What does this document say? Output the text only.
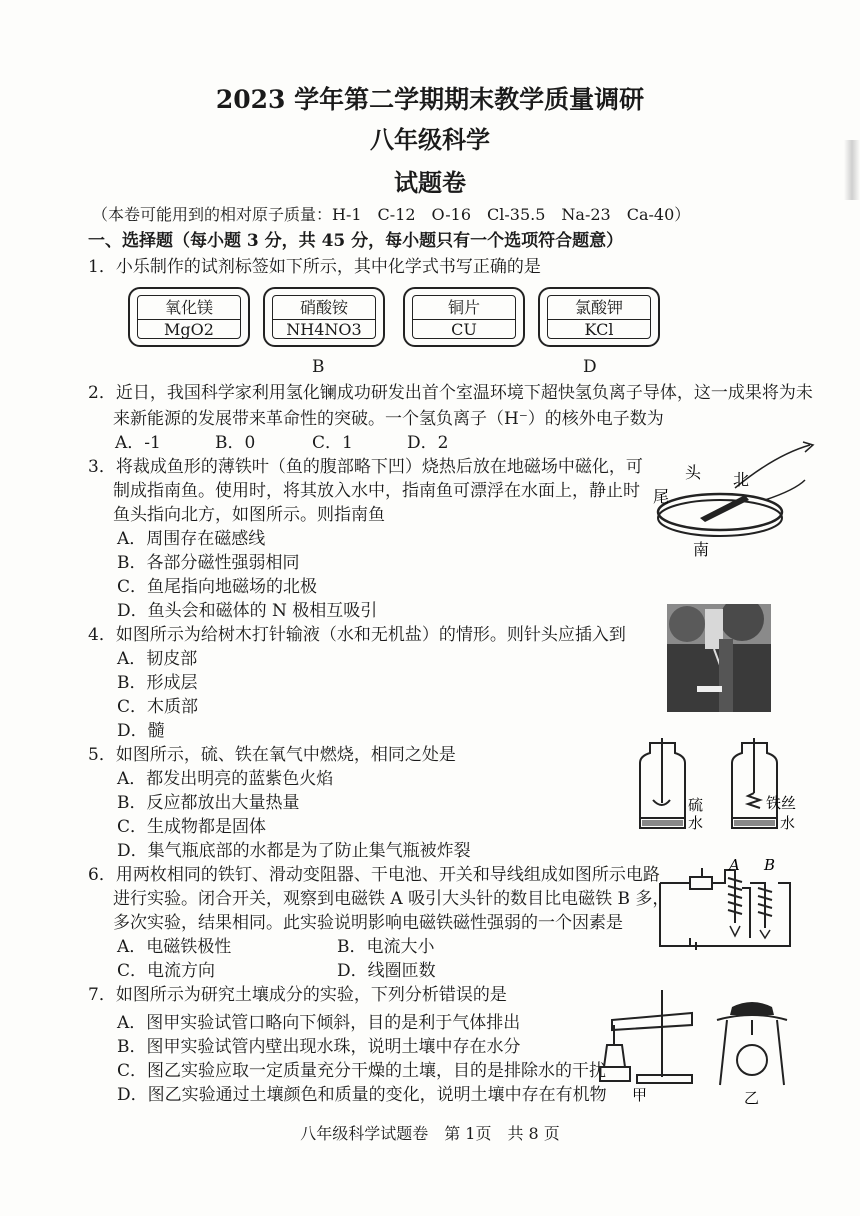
2023 学年第二学期期末教学质量调研
八年级科学
试题卷
（本卷可能用到的相对原子质量：H-1　C-12　O-16　Cl-35.5　Na-23　Ca-40）
一、选择题（每小题 3 分，共 45 分，每小题只有一个选项符合题意）
1．小乐制作的试剂标签如下所示，其中化学式书写正确的是
氧化镁
MgO2
硝酸铵
NH4NO3
铜片
CU
氯酸钾
KCl
B	D
2．近日，我国科学家利用氢化镧成功研发出首个室温环境下超快氢负离子导体，这一成果将为未
来新能源的发展带来革命性的突破。一个氢负离子（H⁻）的核外电子数为
A．-1	B．0	C．1	D．2
3．将裁成鱼形的薄铁叶（鱼的腹部略下凹）烧热后放在地磁场中磁化，可
制成指南鱼。使用时，将其放入水中，指南鱼可漂浮在水面上，静止时
鱼头指向北方，如图所示。则指南鱼
A．周围存在磁感线
B．各部分磁性强弱相同
C．鱼尾指向地磁场的北极
D．鱼头会和磁体的 N 极相互吸引
头 北
尾
南
4．如图所示为给树木打针输液（水和无机盐）的情形。则针头应插入到
A．韧皮部
B．形成层
C．木质部
D．髓
5．如图所示，硫、铁在氧气中燃烧，相同之处是
A．都发出明亮的蓝紫色火焰
B．反应都放出大量热量
C．生成物都是固体
D．集气瓶底部的水都是为了防止集气瓶被炸裂
硫
水
铁丝
水
6．用两枚相同的铁钉、滑动变阻器、干电池、开关和导线组成如图所示电路
进行实验。闭合开关，观察到电磁铁 A 吸引大头针的数目比电磁铁 B 多，
多次实验，结果相同。此实验说明影响电磁铁磁性强弱的一个因素是
A．电磁铁极性	B．电流大小
C．电流方向	D．线圈匝数
A B
7．如图所示为研究土壤成分的实验，下列分析错误的是
A．图甲实验试管口略向下倾斜，目的是利于气体排出
B．图甲实验试管内壁出现水珠，说明土壤中存在水分
C．图乙实验应取一定质量充分干燥的土壤，目的是排除水的干扰
D．图乙实验通过土壤颜色和质量的变化，说明土壤中存在有机物 甲	乙
八年级科学试题卷　第 1页　共 8 页
